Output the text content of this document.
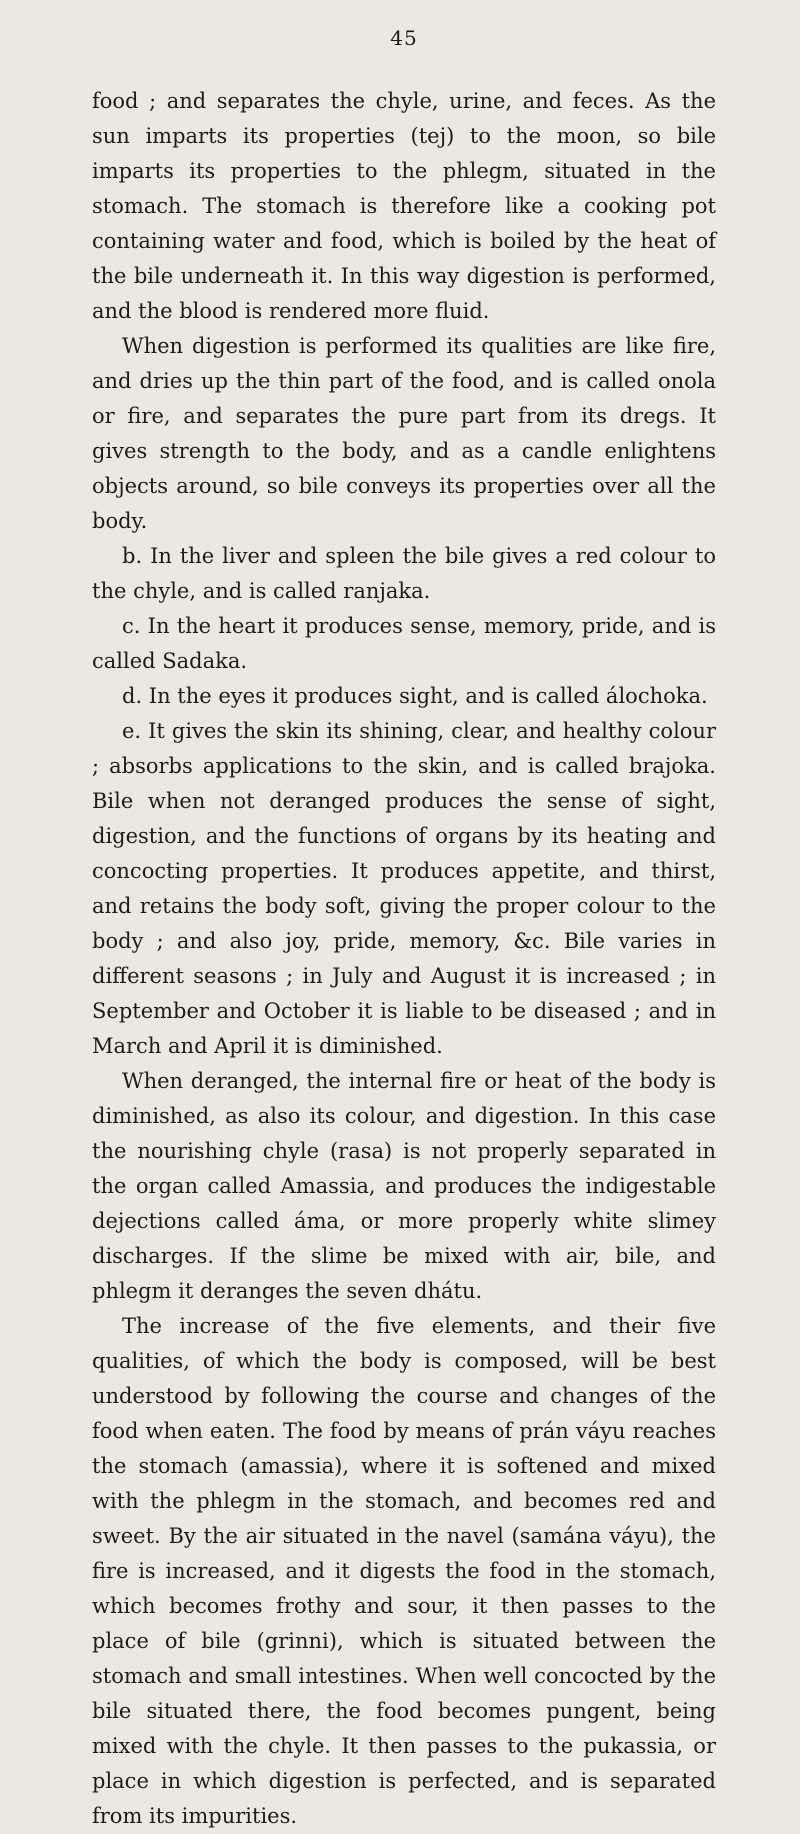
45

food ; and separates the chyle, urine, and feces. As the sun imparts its properties (tej) to the moon, so bile imparts its properties to the phlegm, situated in the stomach. The stomach is therefore like a cooking pot containing water and food, which is boiled by the heat of the bile underneath it. In this way digestion is performed, and the blood is rendered more fluid.

When digestion is performed its qualities are like fire, and dries up the thin part of the food, and is called onola or fire, and separates the pure part from its dregs. It gives strength to the body, and as a candle enlightens objects around, so bile conveys its properties over all the body.

b. In the liver and spleen the bile gives a red colour to the chyle, and is called ranjaka.

c. In the heart it produces sense, memory, pride, and is called Sadaka.

d. In the eyes it produces sight, and is called álochoka.

e. It gives the skin its shining, clear, and healthy colour ; absorbs applications to the skin, and is called brajoka. Bile when not deranged produces the sense of sight, digestion, and the functions of organs by its heating and concocting properties. It produces appetite, and thirst, and retains the body soft, giving the proper colour to the body ; and also joy, pride, memory, &c. Bile varies in different seasons ; in July and August it is increased ; in September and October it is liable to be diseased ; and in March and April it is diminished.

When deranged, the internal fire or heat of the body is diminished, as also its colour, and digestion. In this case the nourishing chyle (rasa) is not properly separated in the organ called Amassia, and produces the indigestable dejections called áma, or more properly white slimey discharges. If the slime be mixed with air, bile, and phlegm it deranges the seven dhátu.

The increase of the five elements, and their five qualities, of which the body is composed, will be best understood by following the course and changes of the food when eaten. The food by means of prán váyu reaches the stomach (amassia), where it is softened and mixed with the phlegm in the stomach, and becomes red and sweet. By the air situated in the navel (samána váyu), the fire is increased, and it digests the food in the stomach, which becomes frothy and sour, it then passes to the place of bile (grinni), which is situated between the stomach and small intestines. When well concocted by the bile situated there, the food becomes pungent, being mixed with the chyle. It then passes to the pukassia, or place in which digestion is perfected, and is separated from its impurities.
